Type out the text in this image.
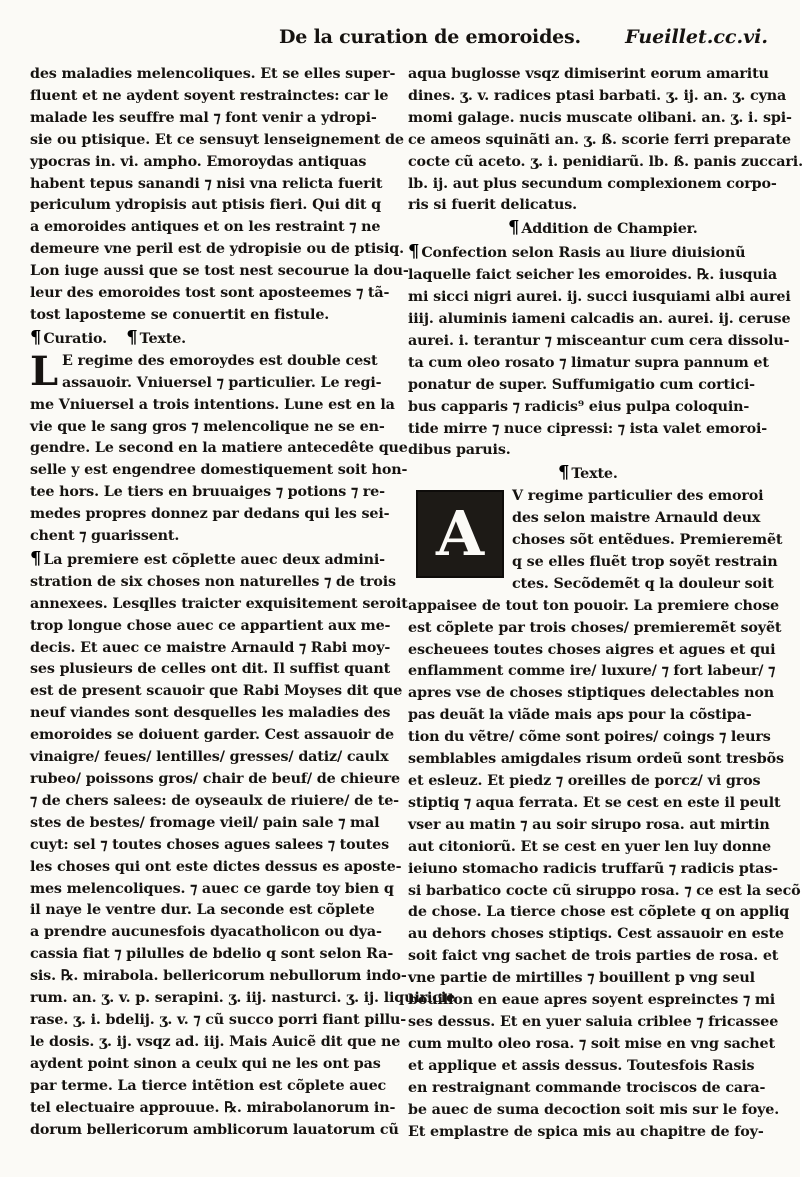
De la curation de emoroides. Fueillet.cc.vi.
des maladies melencoliques. Et se elles super-
fluent et ne aydent soyent restrainctes: car le
malade les seuffre mal ⁊ font venir a ydropi-
sie ou ptisique. Et ce sensuyt lenseignement de
ypocras in. vi. ampho. Emoroydas antiquas
habent tepus sanandi ⁊ nisi vna relicta fuerit
periculum ydropisis aut ptisis fieri. Qui dit q
a emoroides antiques et on les restraint ⁊ ne
demeure vne peril est de ydropisie ou de ptisiq.
Lon iuge aussi que se tost nest secourue la dou-
leur des emoroides tost sont aposteemes ⁊ tã-
tost laposteme se conuertit en fistule.
¶ Curatio. ¶ Texte.
L E regime des emoroydes est double cest
assauoir. Vniuersel ⁊ particulier. Le regi-
me Vniuersel a trois intentions. Lune est en la
vie que le sang gros ⁊ melencolique ne se en-
gendre. Le second en la matiere antecedête que
selle y est engendree domestiquement soit hon-
tee hors. Le tiers en bruuaiges ⁊ potions ⁊ re-
medes propres donnez par dedans qui les sei-
chent ⁊ guarissent.
¶ La premiere est cõplette auec deux admini-
stration de six choses non naturelles ⁊ de trois
annexees. Lesqlles traicter exquisitement seroit
trop longue chose auec ce appartient aux me-
decis. Et auec ce maistre Arnauld ⁊ Rabi moy-
ses plusieurs de celles ont dit. Il suffist quant
est de present scauoir que Rabi Moyses dit que
neuf viandes sont desquelles les maladies des
emoroides se doiuent garder. Cest assauoir de
vinaigre/ feues/ lentilles/ gresses/ datiz/ caulx
rubeo/ poissons gros/ chair de beuf/ de chieure
⁊ de chers salees: de oyseaulx de riuiere/ de te-
stes de bestes/ fromage vieil/ pain sale ⁊ mal
cuyt: sel ⁊ toutes choses agues salees ⁊ toutes
les choses qui ont este dictes dessus es aposte-
mes melencoliques. ⁊ auec ce garde toy bien q
il naye le ventre dur. La seconde est cõplete
a prendre aucunesfois dyacatholicon ou dya-
cassia fiat ⁊ pilulles de bdelio q sont selon Ra-
sis. ℞. mirabola. bellericorum nebullorum indo-
rum. an. ʒ. v. p. serapini. ʒ. iij. nasturci. ʒ. ij. liquiricie
rase. ʒ. i. bdelij. ʒ. v. ⁊ cũ succo porri fiant pillu-
le dosis. ʒ. ij. vsqz ad. iij. Mais Auicẽ dit que ne
aydent point sinon a ceulx qui ne les ont pas
par terme. La tierce intẽtion est cõplete auec
tel electuaire approuue. ℞. mirabolanorum in-
dorum bellericorum amblicorum lauatorum cũ
aqua buglosse vsqz dimiserint eorum amaritu
dines. ʒ. v. radices ptasi barbati. ʒ. ij. an. ʒ. cyna
momi galage. nucis muscate olibani. an. ʒ. i. spi-
ce ameos squinãti an. ʒ. ß. scorie ferri preparate
cocte cũ aceto. ʒ. i. penidiarũ. lb. ß. panis zuccari.
lb. ij. aut plus secundum complexionem corpo-
ris si fuerit delicatus.
¶ Addition de Champier.
¶ Confection selon Rasis au liure diuisionũ
laquelle faict seicher les emoroides. ℞. iusquia
mi sicci nigri aurei. ij. succi iusquiami albi aurei
iiij. aluminis iameni calcadis an. aurei. ij. ceruse
aurei. i. terantur ⁊ misceantur cum cera dissolu-
ta cum oleo rosato ⁊ limatur supra pannum et
ponatur de super. Suffumigatio cum cortici-
bus capparis ⁊ radicis⁹ eius pulpa coloquin-
tide mirre ⁊ nuce cipressi: ⁊ ista valet emoroi-
dibus paruis.
¶ Texte.
A
V regime particulier des emoroi
des selon maistre Arnauld deux
choses sõt entẽdues. Premieremẽt
q se elles fluẽt trop soyẽt restrain
ctes. Secõdemẽt q la douleur soit
appaisee de tout ton pouoir. La premiere chose
est cõplete par trois choses/ premieremẽt soyẽt
escheuees toutes choses aigres et agues et qui
enflamment comme ire/ luxure/ ⁊ fort labeur/ ⁊
apres vse de choses stiptiques delectables non
pas deuãt la viãde mais aps pour la cõstipa-
tion du vẽtre/ cõme sont poires/ coings ⁊ leurs
semblables amigdales risum ordeũ sont tresbõs
et esleuz. Et piedz ⁊ oreilles de porcz/ vi gros
stiptiq ⁊ aqua ferrata. Et se cest en este il peult
vser au matin ⁊ au soir sirupo rosa. aut mirtin
aut citoniorũ. Et se cest en yuer len luy donne
ieiuno stomacho radicis truffarũ ⁊ radicis ptas-
si barbatico cocte cũ siruppo rosa. ⁊ ce est la secõ
de chose. La tierce chose est cõplete q on appliq
au dehors choses stiptiqs. Cest assauoir en este
soit faict vng sachet de trois parties de rosa. et
vne partie de mirtilles ⁊ bouillent p vng seul
bouillon en eaue apres soyent espreinctes ⁊ mi
ses dessus. Et en yuer saluia criblee ⁊ fricassee
cum multo oleo rosa. ⁊ soit mise en vng sachet
et applique et assis dessus. Toutesfois Rasis
en restraignant commande trociscos de cara-
be auec de suma decoction soit mis sur le foye.
Et emplastre de spica mis au chapitre de foy-
